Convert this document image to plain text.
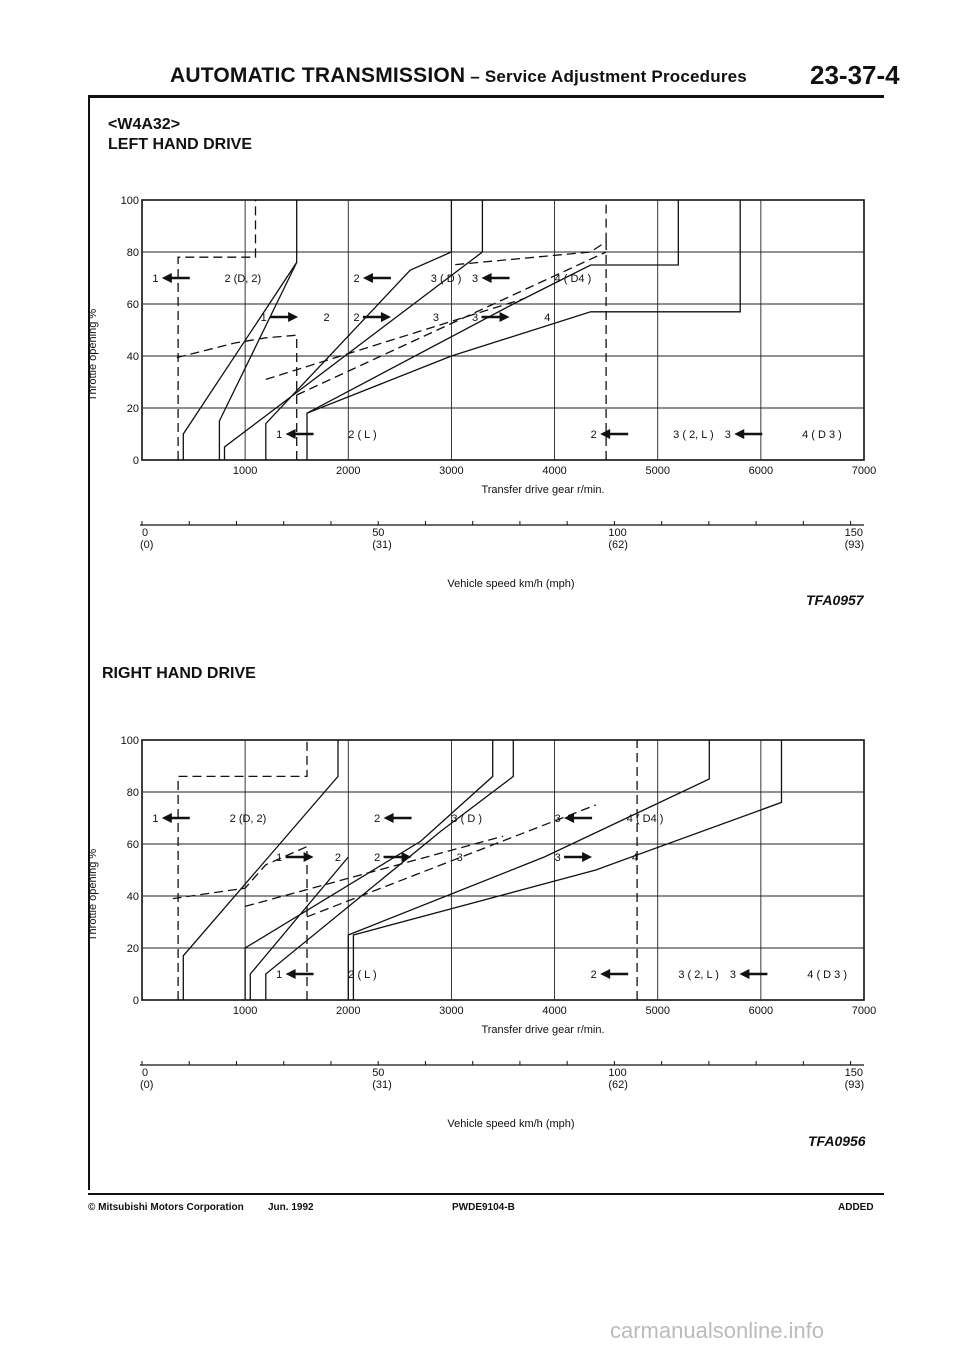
AUTOMATIC TRANSMISSION – Service Adjustment Procedures 23-37-4
<W4A32>
LEFT HAND DRIVE
1000	2000	3000	4000	5000	6000	7000
0
20
40
60
80
100
Transfer drive gear r/min.
Throttle opening %
1	2 (D, 2)
1	2
2	3 ( D )
2	3
3	4 ( D4 )
3	4
1	2 ( L )	2	3 ( 2, L ) 3	4 ( D 3 )
0
(0)
50
(31)
100
(62)
150
(93)
Vehicle speed km/h (mph)
TFA0957
RIGHT HAND DRIVE
1000	2000	3000	4000	5000	6000	7000
0
20
40
60
80
100
Transfer drive gear r/min.
Throttle opening %
1	2 (D, 2)
1	2
2	3 ( D )
2	3
3	4 ( D4 )
3	4
1	2 ( L )	2	3 ( 2, L ) 3	4 ( D 3 )
0
(0)
50
(31)
100
(62)
150
(93)
Vehicle speed km/h (mph)
TFA0956
© Mitsubishi Motors Corporation Jun. 1992	PWDE9104-B	ADDED
carmanualsonline.info
